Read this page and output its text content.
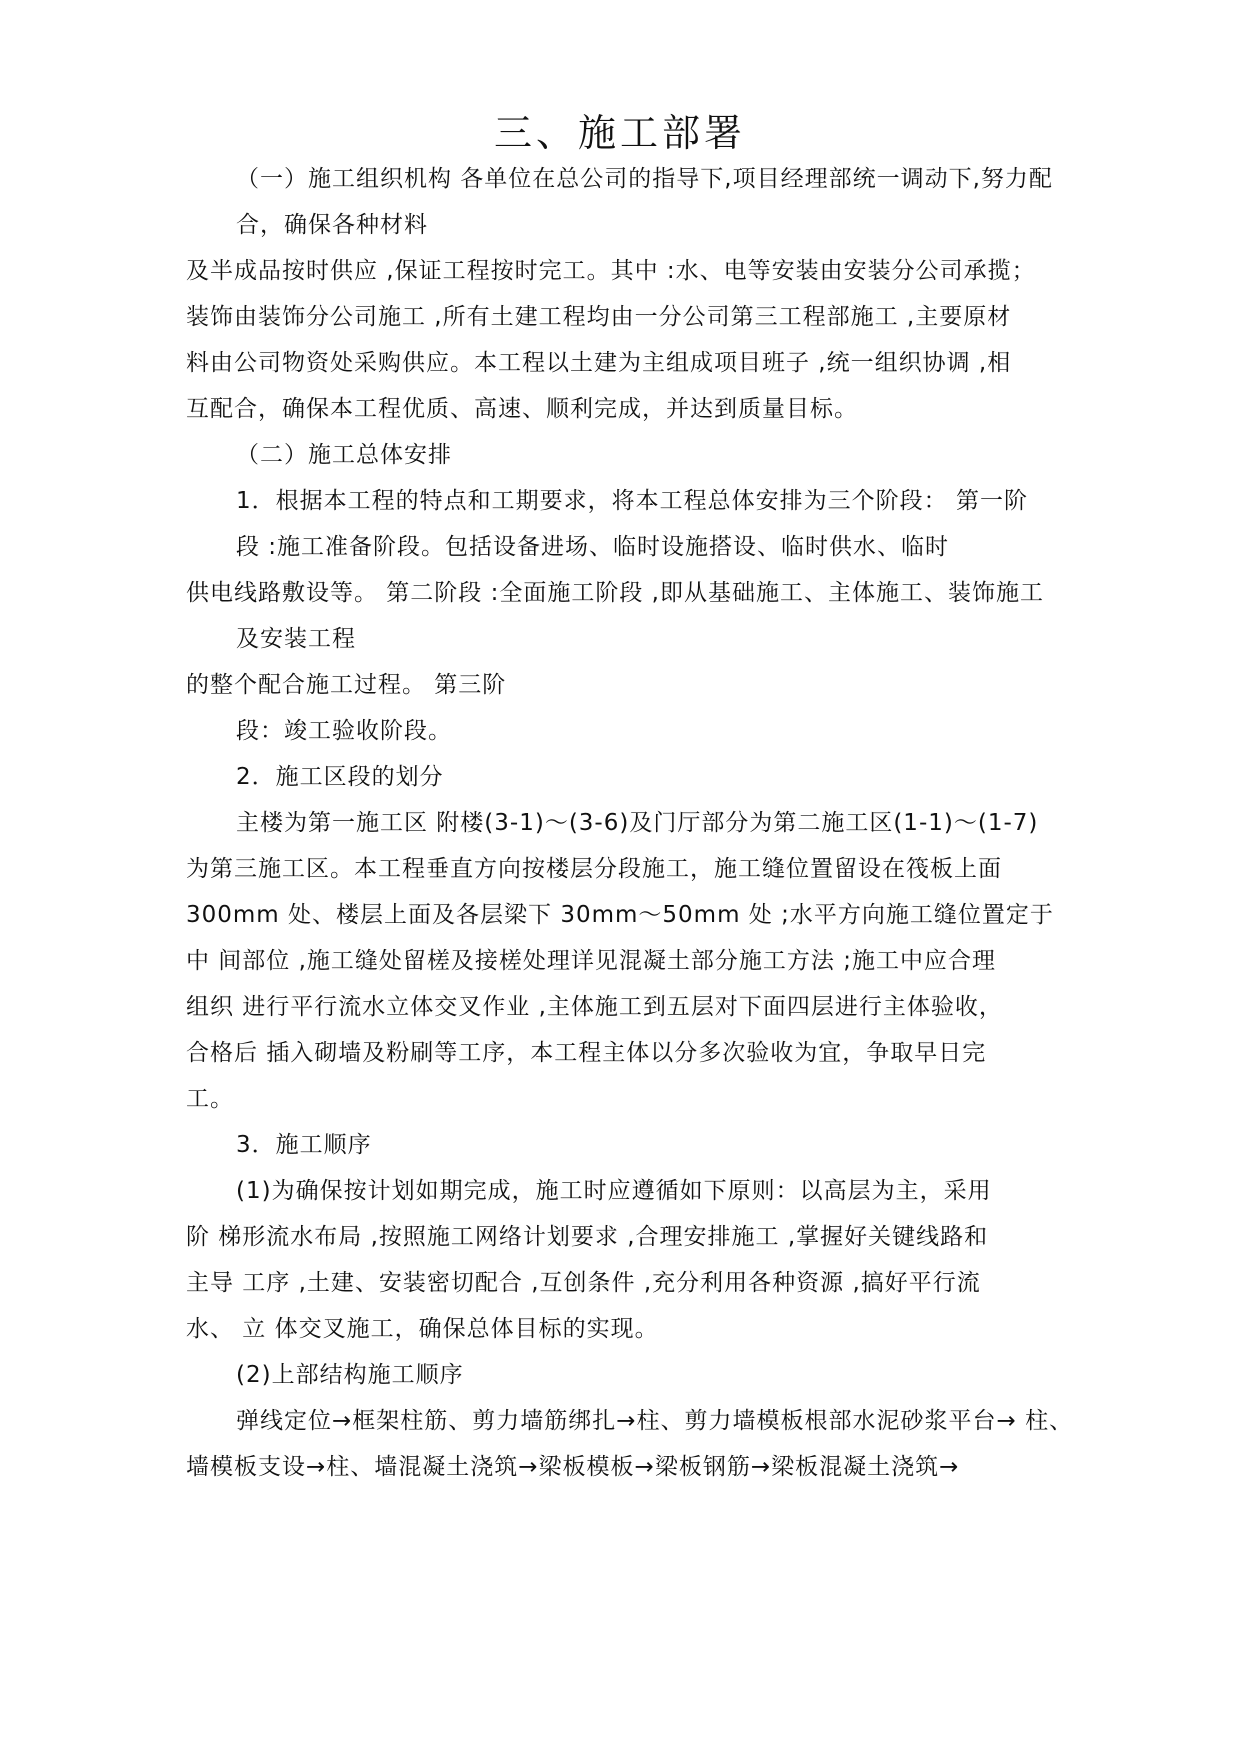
三、施工部署
（一）施工组织机构 各单位在总公司的指导下,项目经理部统一调动下,努力配
合，确保各种材料
及半成品按时供应 ,保证工程按时完工。其中 :水、电等安装由安装分公司承揽；
装饰由装饰分公司施工 ,所有土建工程均由一分公司第三工程部施工 ,主要原材
料由公司物资处采购供应。本工程以土建为主组成项目班子 ,统一组织协调 ,相
互配合，确保本工程优质、高速、顺利完成，并达到质量目标。
（二）施工总体安排
1．根据本工程的特点和工期要求，将本工程总体安排为三个阶段： 第一阶
段 :施工准备阶段。包括设备进场、临时设施搭设、临时供水、临时
供电线路敷设等。 第二阶段 :全面施工阶段 ,即从基础施工、主体施工、装饰施工
及安装工程
的整个配合施工过程。 第三阶
段：竣工验收阶段。
2．施工区段的划分
主楼为第一施工区 附楼(3-1)～(3-6)及门厅部分为第二施工区(1-1)～(1-7)
为第三施工区。本工程垂直方向按楼层分段施工，施工缝位置留设在筏板上面
300mm 处、楼层上面及各层梁下 30mm～50mm 处 ;水平方向施工缝位置定于
中 间部位 ,施工缝处留槎及接槎处理详见混凝土部分施工方法 ;施工中应合理
组织 进行平行流水立体交叉作业 ,主体施工到五层对下面四层进行主体验收，
合格后 插入砌墙及粉刷等工序，本工程主体以分多次验收为宜，争取早日完
工。
3．施工顺序
(1)为确保按计划如期完成，施工时应遵循如下原则：以高层为主，采用
阶 梯形流水布局 ,按照施工网络计划要求 ,合理安排施工 ,掌握好关键线路和
主导 工序 ,土建、安装密切配合 ,互创条件 ,充分利用各种资源 ,搞好平行流
水、 立 体交叉施工，确保总体目标的实现。
(2)上部结构施工顺序
弹线定位→框架柱筋、剪力墙筋绑扎→柱、剪力墙模板根部水泥砂浆平台→ 柱、
墙模板支设→柱、墙混凝土浇筑→梁板模板→梁板钢筋→梁板混凝土浇筑→
